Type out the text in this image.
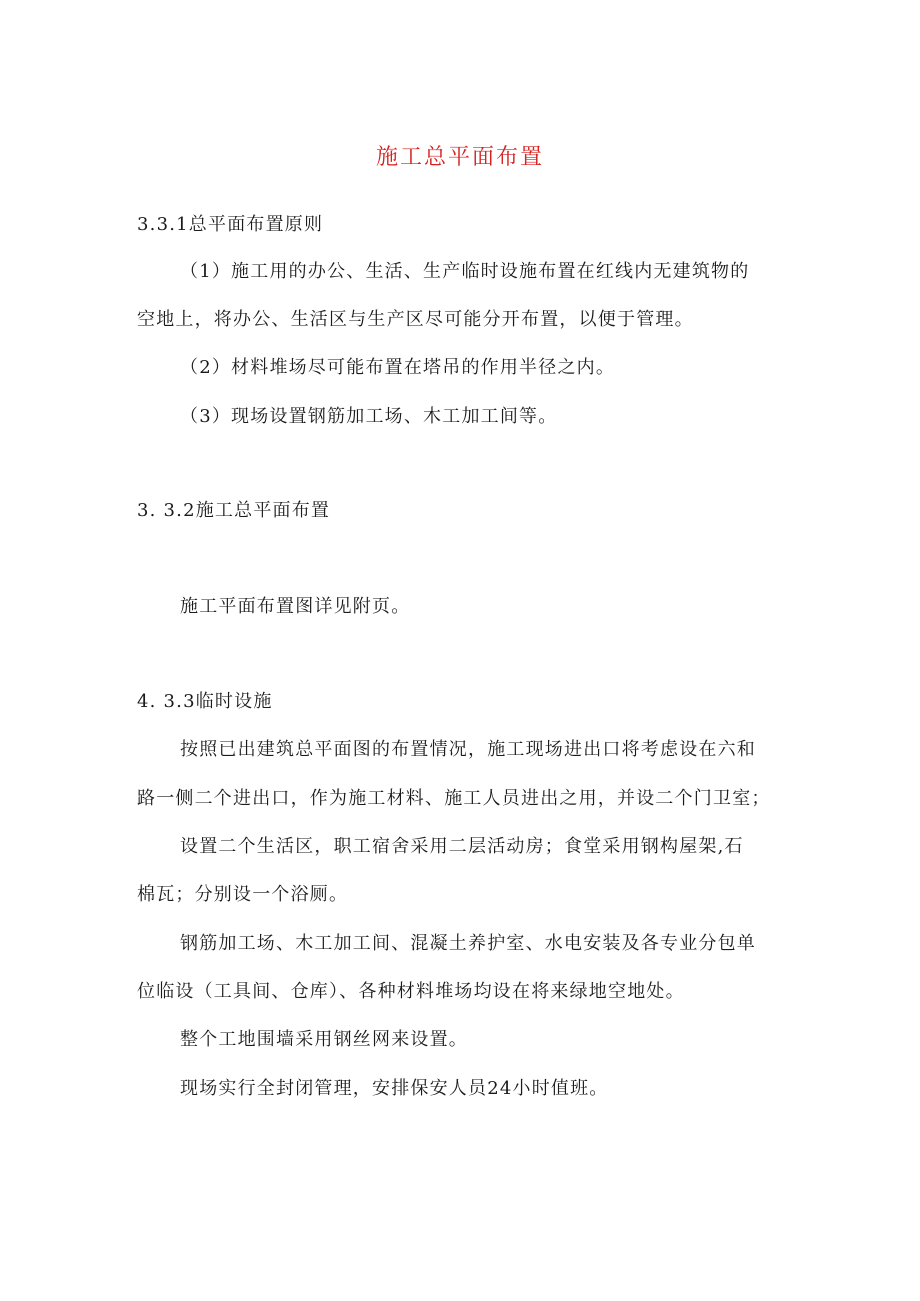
施工总平面布置
3.3.1总平面布置原则
（1）施工用的办公、生活、生产临时设施布置在红线内无建筑物的
空地上，将办公、生活区与生产区尽可能分开布置，以便于管理。
（2）材料堆场尽可能布置在塔吊的作用半径之内。
（3）现场设置钢筋加工场、木工加工间等。
3. 3.2施工总平面布置
施工平面布置图详见附页。
4. 3.3临时设施
按照已出建筑总平面图的布置情况，施工现场进出口将考虑设在六和
路一侧二个进出口，作为施工材料、施工人员进出之用，并设二个门卫室；
设置二个生活区，职工宿舍采用二层活动房；食堂采用钢构屋架,石
棉瓦；分别设一个浴厕。
钢筋加工场、木工加工间、混凝土养护室、水电安装及各专业分包单
位临设（工具间、仓库）、各种材料堆场均设在将来绿地空地处。
整个工地围墙采用钢丝网来设置。
现场实行全封闭管理，安排保安人员24小时值班。
